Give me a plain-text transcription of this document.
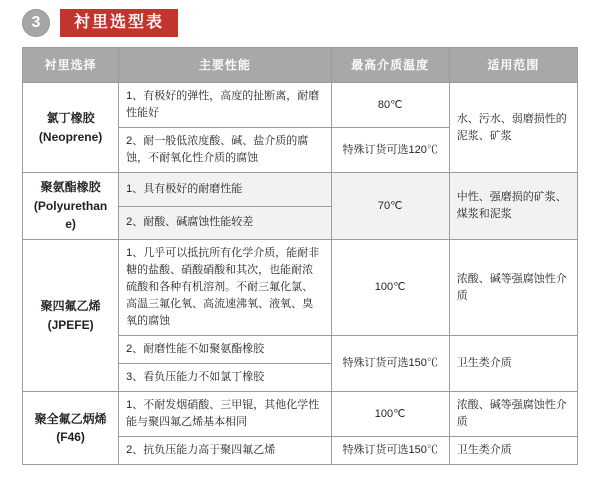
3	衬里选型表
衬里选择	主要性能	最高介质温度	适用范围
氯丁橡胶
(Neoprene)	1、有极好的弹性，高度的扯断离，耐磨性能好	80℃	水、污水、弱磨损性的泥浆、矿浆
	2、耐一般低浓度酸、碱、盐介质的腐蚀，不耐氧化性介质的腐蚀	特殊订货可选120℃	
聚氨酯橡胶
(Polyurethane)	1、具有极好的耐磨性能	70℃	中性、强磨损的矿浆、煤浆和泥浆
	2、耐酸、碱腐蚀性能较差		
聚四氟乙烯
(JPEFE)	1、几乎可以抵抗所有化学介质，能耐非糖的盐酸、硝酸硝酸和其次，也能耐浓硫酸和各种有机溶剂。不耐三氟化氯、高温三氟化氧、高流速沸氧、液氧、臭氧的腐蚀	100℃	浓酸、碱等强腐蚀性介质
	2、耐磨性能不如聚氨酯橡胶	特殊订货可选150℃	卫生类介质
	3、看负压能力不如氯丁橡胶		
聚全氟乙炳烯
(F46)	1、不耐发烟硝酸、三甲锟，其他化学性能与聚四氟乙烯基本相同	100℃	浓酸、碱等强腐蚀性介质
	2、抗负压能力高于聚四氟乙烯	特殊订货可选150℃	卫生类介质
